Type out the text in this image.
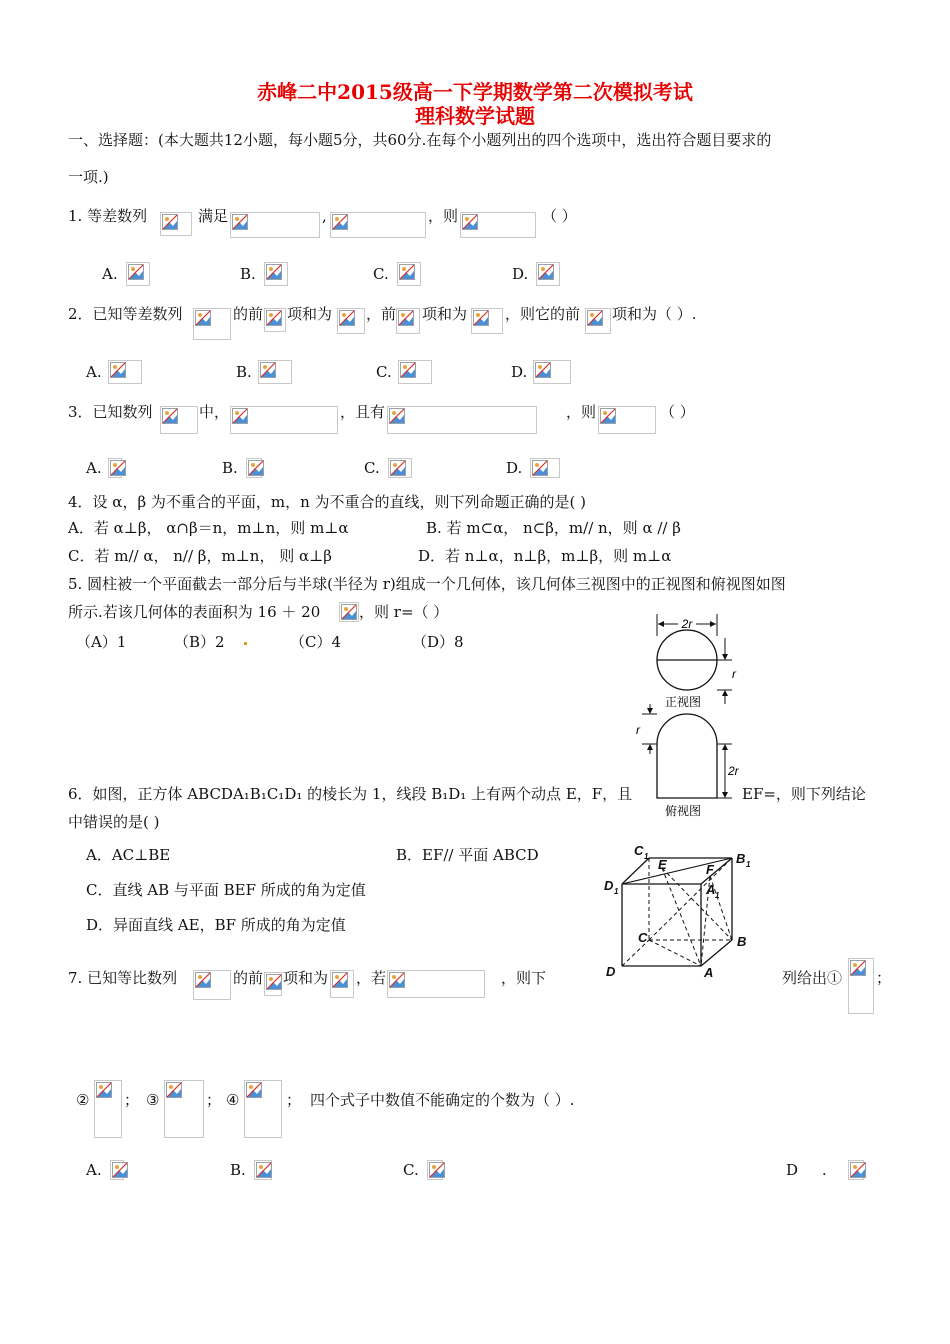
赤峰二中2015级高一下学期数学第二次模拟考试
理科数学试题
一、选择题：(本大题共12小题，每小题5分，共60分.在每个小题列出的四个选项中，选出符合题目要求的
一项.)
1. 等差数列	满足	,	，则	（ ）
A.	B.	C.	D.
2．已知等差数列	的前 项和为 ，前 项和为	，则它的前 项和为（ ）.
A.	B.	C.	D.
3．已知数列	中，	，且有	，则	（ ）
A.	B.	C.	D.
4．设 α，β 为不重合的平面，m，n 为不重合的直线，则下列命题正确的是( )
A．若 α⊥β， α∩β＝n，m⊥n，则 m⊥α	B. 若 m⊂α， n⊂β，m// n，则 α // β
C．若 m// α， n// β，m⊥n， 则 α⊥β	D．若 n⊥α，n⊥β，m⊥β，则 m⊥α
5. 圆柱被一个平面截去一部分后与半球(半径为 r)组成一个几何体，该几何体三视图中的正视图和俯视图如图
所示.若该几何体的表面积为 16 ＋ 20	，则 r=（ ）
（A）1	（B）2	（C）4	（D）8
2r
r
正视图
r
2r
俯视图
6．如图，正方体 ABCDA₁B₁C₁D₁ 的棱长为 1，线段 B₁D₁ 上有两个动点 E，F，且	EF=，则下列结论
中错误的是( )
A．AC⊥BE	B．EF// 平面 ABCD
C．直线 AB 与平面 BEF 所成的角为定值
D．异面直线 AE，BF 所成的角为定值
C 1
E	F
B 1
D 1	A 1
C	B
D	A
7. 已知等比数列	的前 项和为 ，若	，则下	列给出① ；
② ； ③	； ④	； 四个式子中数值不能确定的个数为（ ）.
A.	B.	C.	D     .
